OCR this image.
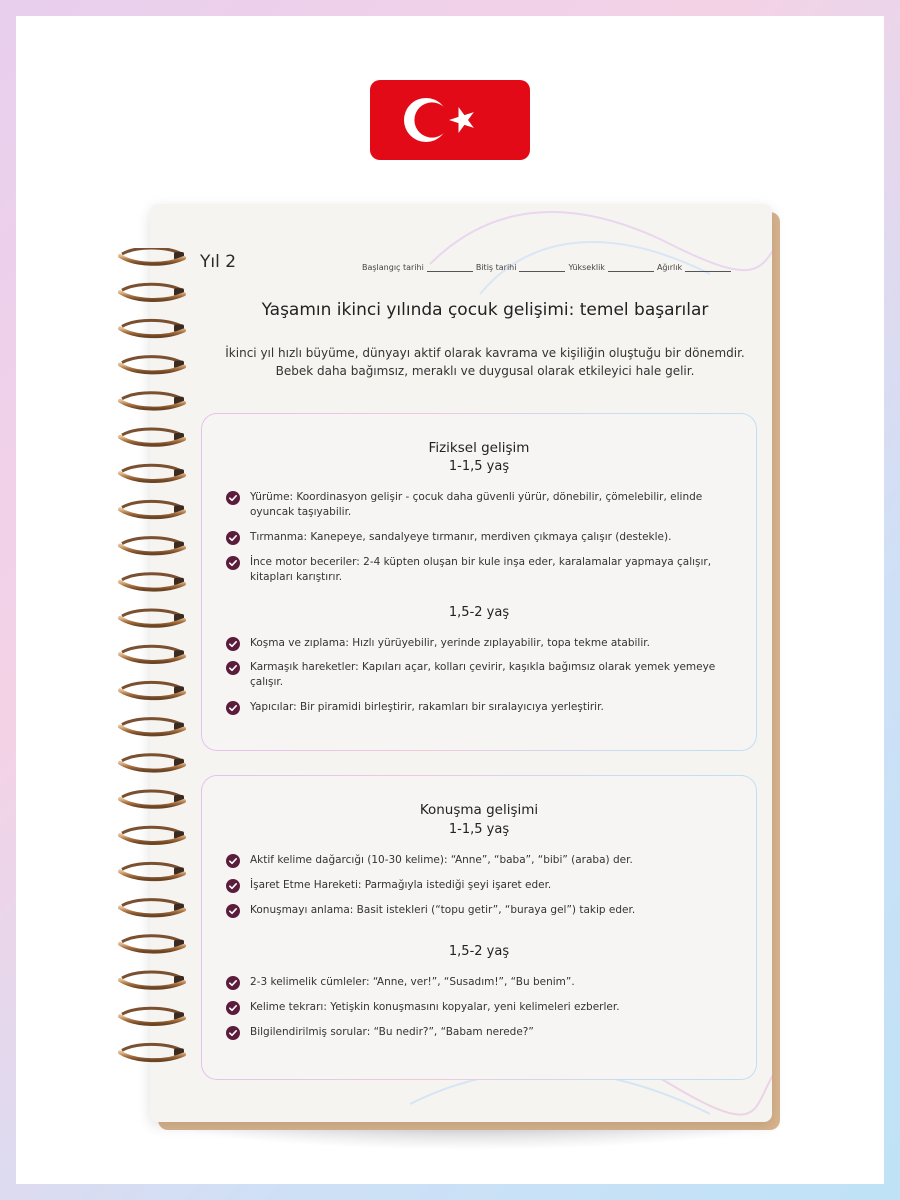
Yıl 2	Başlangıç tarihi	Bitiş tarihi	Yükseklik	Ağırlık
Yaşamın ikinci yılında çocuk gelişimi: temel başarılar
İkinci yıl hızlı büyüme, dünyayı aktif olarak kavrama ve kişiliğin oluştuğu bir dönemdir.
Bebek daha bağımsız, meraklı ve duygusal olarak etkileyici hale gelir.
Fiziksel gelişim
1-1,5 yaş
Yürüme: Koordinasyon gelişir - çocuk daha güvenli yürür, dönebilir, çömelebilir, elinde oyuncak taşıyabilir.
Tırmanma: Kanepeye, sandalyeye tırmanır, merdiven çıkmaya çalışır (destekle).
İnce motor beceriler: 2-4 küpten oluşan bir kule inşa eder, karalamalar yapmaya çalışır, kitapları karıştırır.
1,5-2 yaş
Koşma ve zıplama: Hızlı yürüyebilir, yerinde zıplayabilir, topa tekme atabilir.
Karmaşık hareketler: Kapıları açar, kolları çevirir, kaşıkla bağımsız olarak yemek yemeye çalışır.
Yapıcılar: Bir piramidi birleştirir, rakamları bir sıralayıcıya yerleştirir.
Konuşma gelişimi
1-1,5 yaş
Aktif kelime dağarcığı (10-30 kelime): “Anne”, “baba”, “bibi” (araba) der.
İşaret Etme Hareketi: Parmağıyla istediği şeyi işaret eder.
Konuşmayı anlama: Basit istekleri (“topu getir”, “buraya gel”) takip eder.
1,5-2 yaş
2-3 kelimelik cümleler: “Anne, ver!”, “Susadım!”, “Bu benim”.
Kelime tekrarı: Yetişkin konuşmasını kopyalar, yeni kelimeleri ezberler.
Bilgilendirilmiş sorular: “Bu nedir?”, “Babam nerede?”
